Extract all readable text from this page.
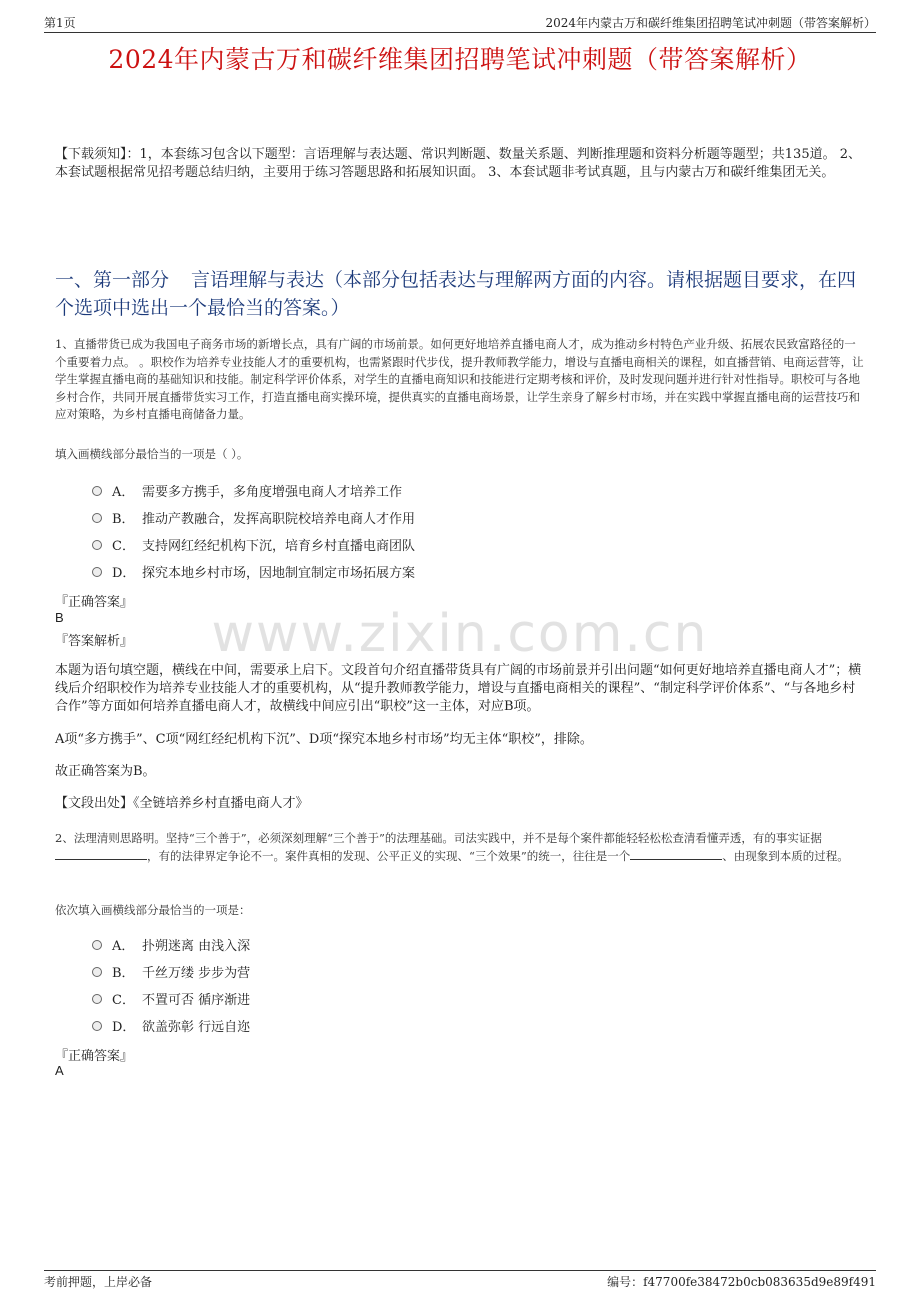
第1页	2024年内蒙古万和碳纤维集团招聘笔试冲刺题（带答案解析）
2024年内蒙古万和碳纤维集团招聘笔试冲刺题（带答案解析）

【下载须知】：1，本套练习包含以下题型：言语理解与表达题、常识判断题、数量关系题、判断推理题和资料分析题等题型；共135道。 2、本套试题根据常见招考题总结归纳，主要用于练习答题思路和拓展知识面。 3、本套试题非考试真题，且与内蒙古万和碳纤维集团无关。

一、第一部分 言语理解与表达（本部分包括表达与理解两方面的内容。请根据题目要求，在四个选项中选出一个最恰当的答案。）
www.zixin.com.cn

1、直播带货已成为我国电子商务市场的新增长点，具有广阔的市场前景。如何更好地培养直播电商人才，成为推动乡村特色产业升级、拓展农民致富路径的一个重要着力点。 。职校作为培养专业技能人才的重要机构，也需紧跟时代步伐，提升教师教学能力，增设与直播电商相关的课程，如直播营销、电商运营等，让学生掌握直播电商的基础知识和技能。制定科学评价体系，对学生的直播电商知识和技能进行定期考核和评价，及时发现问题并进行针对性指导。职校可与各地乡村合作，共同开展直播带货实习工作，打造直播电商实操环境，提供真实的直播电商场景，让学生亲身了解乡村市场，并在实践中掌握直播电商的运营技巧和应对策略，为乡村直播电商储备力量。

填入画横线部分最恰当的一项是（ ）。

A． 需要多方携手，多角度增强电商人才培养工作
B． 推动产教融合，发挥高职院校培养电商人才作用
C． 支持网红经纪机构下沉，培育乡村直播电商团队
D． 探究本地乡村市场，因地制宜制定市场拓展方案
『正确答案』
B
『答案解析』

本题为语句填空题，横线在中间，需要承上启下。文段首句介绍直播带货具有广阔的市场前景并引出问题“如何更好地培养直播电商人才”；横线后介绍职校作为培养专业技能人才的重要机构，从“提升教师教学能力，增设与直播电商相关的课程”、“制定科学评价体系”、“与各地乡村合作”等方面如何培养直播电商人才，故横线中间应引出“职校”这一主体，对应B项。

A项“多方携手”、C项“网红经纪机构下沉”、D项“探究本地乡村市场”均无主体“职校”，排除。

故正确答案为B。

【文段出处】《全链培养乡村直播电商人才》

2、法理清则思路明。坚持“三个善于”，必须深刻理解“三个善于”的法理基础。司法实践中，并不是每个案件都能轻轻松松查清看懂弄透，有的事实证据，有的法律界定争论不一。案件真相的发现、公平正义的实现、“三个效果”的统一，往往是一个	、由现象到本质的过程。

依次填入画横线部分最恰当的一项是：

A． 扑朔迷离 由浅入深
B． 千丝万缕 步步为营
C． 不置可否 循序渐进
D． 欲盖弥彰 行远自迩
『正确答案』
A
考前押题，上岸必备	编号：f47700fe38472b0cb083635d9e89f491
